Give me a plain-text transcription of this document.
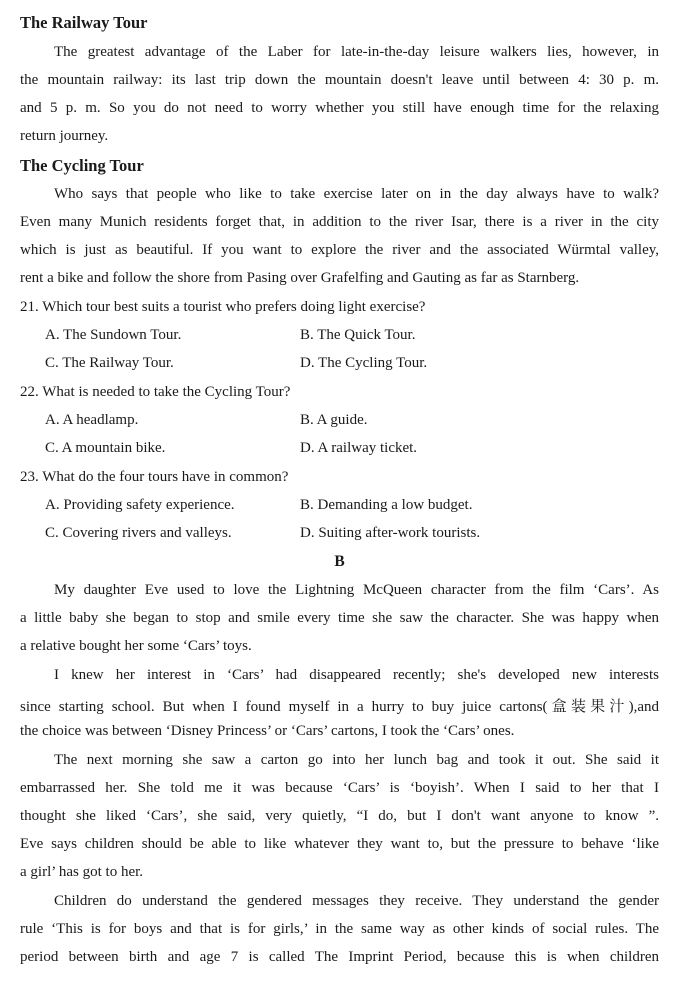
The Railway Tour
The greatest advantage of the Laber for late-in-the-day leisure walkers lies, however, in
the mountain railway: its last trip down the mountain doesn't leave until between 4: 30 p. m.
and 5 p. m. So you do not need to worry whether you still have enough time for the relaxing
return journey.
The Cycling Tour
Who says that people who like to take exercise later on in the day always have to walk?
Even many Munich residents forget that, in addition to the river Isar, there is a river in the city
which is just as beautiful. If you want to explore the river and the associated Würmtal valley,
rent a bike and follow the shore from Pasing over Grafelfing and Gauting as far as Starnberg.
21. Which tour best suits a tourist who prefers doing light exercise?
A. The Sundown Tour.	B. The Quick Tour.
C. The Railway Tour.	D. The Cycling Tour.
22. What is needed to take the Cycling Tour?
A. A headlamp.	B. A guide.
C. A mountain bike.	D. A railway ticket.
23. What do the four tours have in common?
A. Providing safety experience.	B. Demanding a low budget.
C. Covering rivers and valleys.	D. Suiting after-work tourists.
B
My daughter Eve used to love the Lightning McQueen character from the film ‘Cars’. As
a little baby she began to stop and smile every time she saw the character. She was happy when
a relative bought her some ‘Cars’ toys.
I knew her interest in ‘Cars’ had disappeared recently; she's developed new interests
since starting school. But when I found myself in a hurry to buy juice cartons(盒装果汁),and
the choice was between ‘Disney Princess’ or ‘Cars’ cartons, I took the ‘Cars’ ones.
The next morning she saw a carton go into her lunch bag and took it out. She said it
embarrassed her. She told me it was because ‘Cars’ is ‘boyish’. When I said to her that I
thought she liked ‘Cars’, she said, very quietly, “I do, but I don't want anyone to know ”.
Eve says children should be able to like whatever they want to, but the pressure to behave ‘like
a girl’ has got to her.
Children do understand the gendered messages they receive. They understand the gender
rule ‘This is for boys and that is for girls,’ in the same way as other kinds of social rules. The
period between birth and age 7 is called The Imprint Period, because this is when children
